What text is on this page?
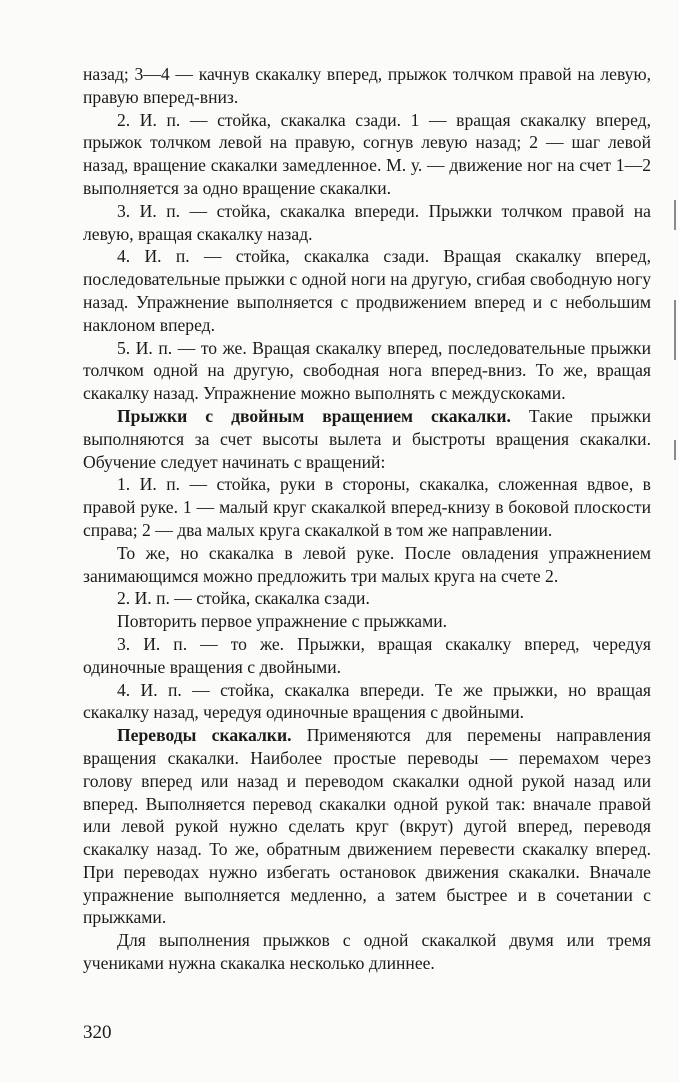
назад; 3—4 — качнув скакалку вперед, прыжок толчком правой на левую, правую вперед-вниз.

2. И. п. — стойка, скакалка сзади. 1 — вращая скакалку вперед, прыжок толчком левой на правую, согнув левую назад; 2 — шаг левой назад, вращение скакалки замедленное. М. у. — движение ног на счет 1—2 выполняется за одно вращение скакалки.

3. И. п. — стойка, скакалка впереди. Прыжки толчком правой на левую, вращая скакалку назад.

4. И. п. — стойка, скакалка сзади. Вращая скакалку вперед, последовательные прыжки с одной ноги на другую, сгибая свободную ногу назад. Упражнение выполняется с продвижением вперед и с небольшим наклоном вперед.

5. И. п. — то же. Вращая скакалку вперед, последовательные прыжки толчком одной на другую, свободная нога вперед-вниз. То же, вращая скакалку назад. Упражнение можно выполнять с междускоками.

Прыжки с двойным вращением скакалки. Такие прыжки выполняются за счет высоты вылета и быстроты вращения скакалки. Обучение следует начинать с вращений:

1. И. п. — стойка, руки в стороны, скакалка, сложенная вдвое, в правой руке. 1 — малый круг скакалкой вперед-книзу в боковой плоскости справа; 2 — два малых круга скакалкой в том же направлении.

То же, но скакалка в левой руке. После овладения упражнением занимающимся можно предложить три малых круга на счете 2.

2. И. п. — стойка, скакалка сзади.

Повторить первое упражнение с прыжками.

3. И. п. — то же. Прыжки, вращая скакалку вперед, чередуя одиночные вращения с двойными.

4. И. п. — стойка, скакалка впереди. Те же прыжки, но вращая скакалку назад, чередуя одиночные вращения с двойными.

Переводы скакалки. Применяются для перемены направления вращения скакалки. Наиболее простые переводы — перемахом через голову вперед или назад и переводом скакалки одной рукой назад или вперед. Выполняется перевод скакалки одной рукой так: вначале правой или левой рукой нужно сделать круг (вкрут) дугой вперед, переводя скакалку назад. То же, обратным движением перевести скакалку вперед. При переводах нужно избегать остановок движения скакалки. Вначале упражнение выполняется медленно, а затем быстрее и в сочетании с прыжками.

Для выполнения прыжков с одной скакалкой двумя или тремя учениками нужна скакалка несколько длиннее.

320
